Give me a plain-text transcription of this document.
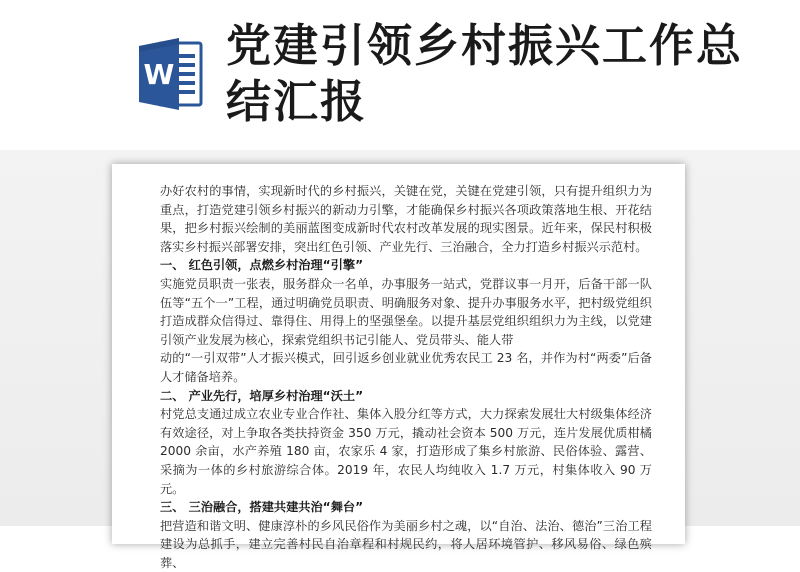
W
党建引领乡村振兴工作总结汇报

办好农村的事情，实现新时代的乡村振兴，关键在党，关键在党建引领，只有提升组织力为重点，打造党建引领乡村振兴的新动力引擎，才能确保乡村振兴各项政策落地生根、开花结果，把乡村振兴绘制的美丽蓝图变成新时代农村改革发展的现实图景。近年来，保民村积极落实乡村振兴部署安排，突出红色引领、产业先行、三治融合，全力打造乡村振兴示范村。

一、 红色引领，点燃乡村治理“引擎”

实施党员职责一张表，服务群众一名单，办事服务一站式，党群议事一月开，后备干部一队伍等“五个一”工程，通过明确党员职责、明确服务对象、提升办事服务水平，把村级党组织打造成群众信得过、靠得住、用得上的坚强堡垒。以提升基层党组织组织力为主线，以党建引领产业发展为核心，探索党组织书记引能人、党员带头、能人带

动的“一引双带”人才振兴模式，回引返乡创业就业优秀农民工 23 名，并作为村“两委”后备人才储备培养。

二、 产业先行，培厚乡村治理“沃土”

村党总支通过成立农业专业合作社、集体入股分红等方式，大力探索发展壮大村级集体经济有效途径，对上争取各类扶持资金 350 万元，撬动社会资本 500 万元，连片发展优质柑橘 2000 余亩，水产养殖 180 亩，农家乐 4 家，打造形成了集乡村旅游、民俗体验、露营、采摘为一体的乡村旅游综合体。2019 年，农民人均纯收入 1.7 万元，村集体收入 90 万元。

三、 三治融合，搭建共建共治“舞台”

把营造和谐文明、健康淳朴的乡风民俗作为美丽乡村之魂，以“自治、法治、德治”三治工程建设为总抓手，建立完善村民自治章程和村规民约，将人居环境管护、移风易俗、绿色殡葬、
